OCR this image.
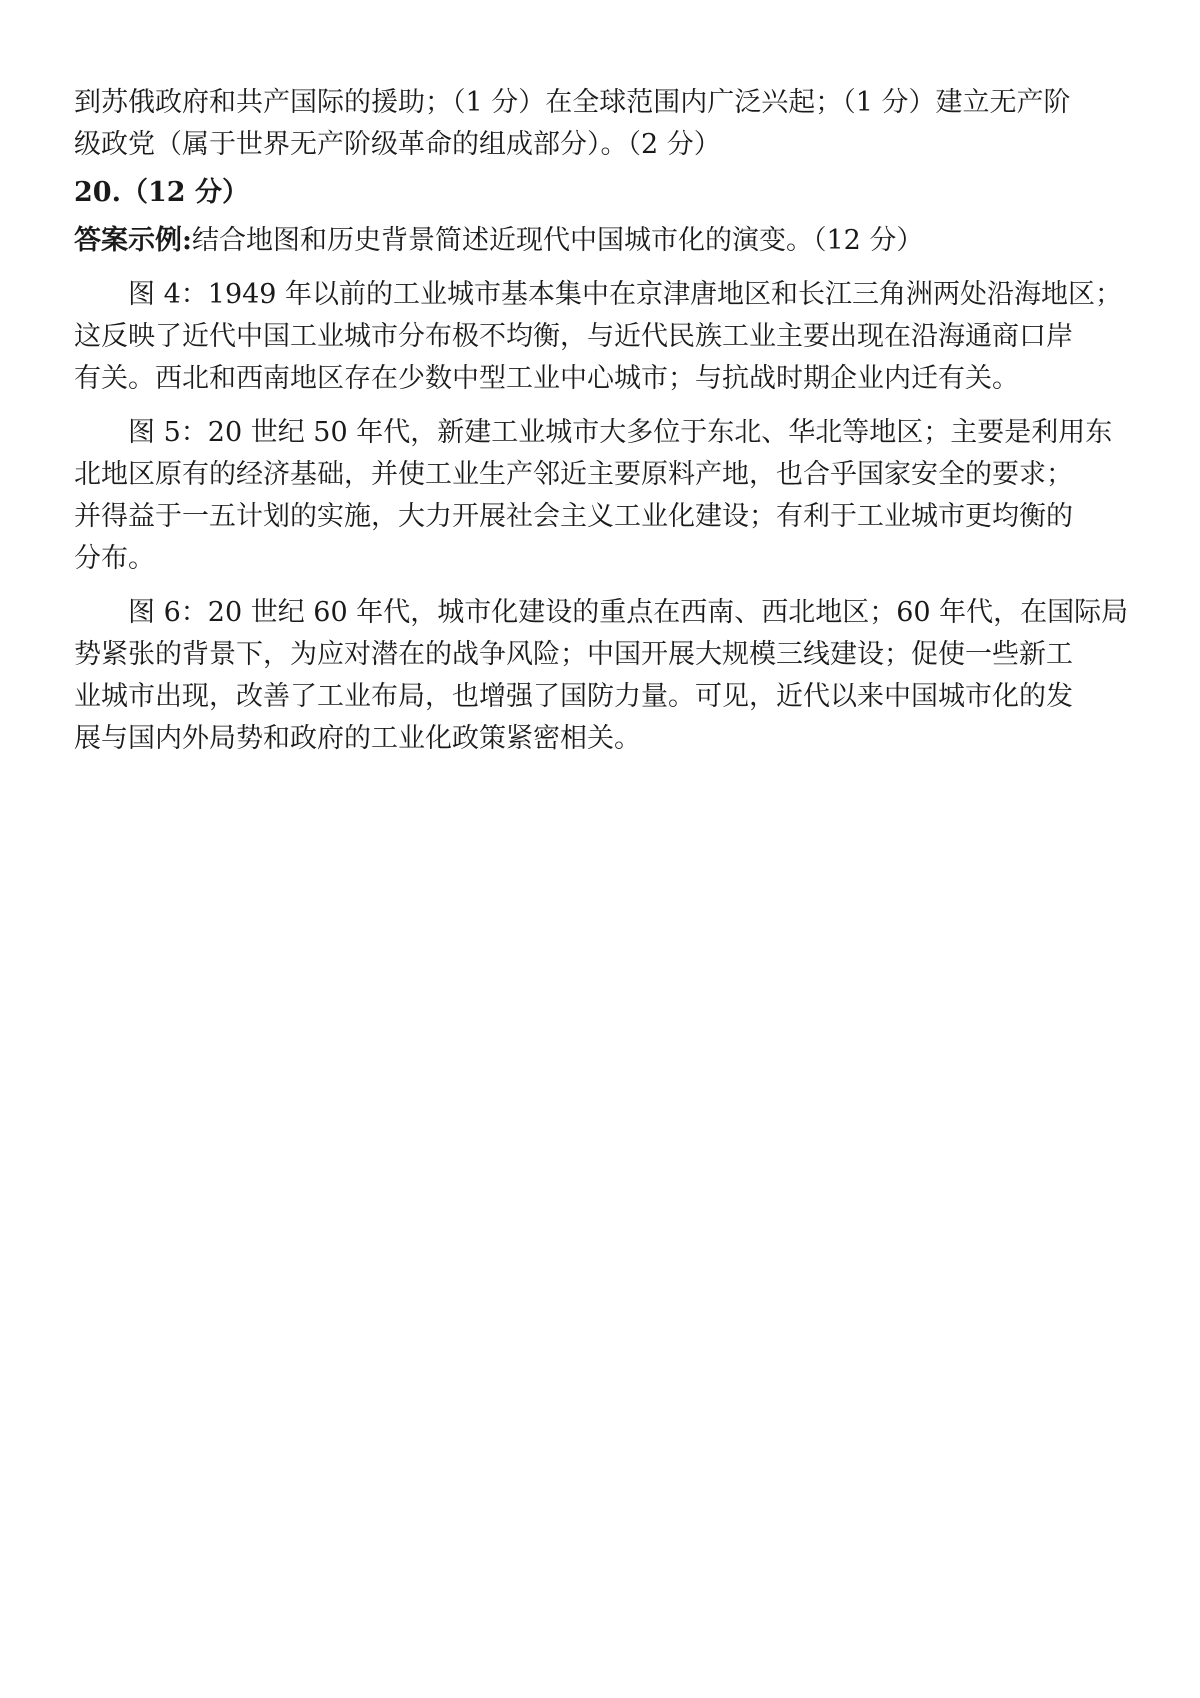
到苏俄政府和共产国际的援助；（1 分）在全球范围内广泛兴起；（1 分）建立无产阶

级政党（属于世界无产阶级革命的组成部分）。（2 分）

20.（12 分）

答案示例:结合地图和历史背景简述近现代中国城市化的演变。（12 分）

图 4：1949 年以前的工业城市基本集中在京津唐地区和长江三角洲两处沿海地区；

这反映了近代中国工业城市分布极不均衡，与近代民族工业主要出现在沿海通商口岸

有关。西北和西南地区存在少数中型工业中心城市；与抗战时期企业内迁有关。

图 5：20 世纪 50 年代，新建工业城市大多位于东北、华北等地区；主要是利用东

北地区原有的经济基础，并使工业生产邻近主要原料产地，也合乎国家安全的要求；

并得益于一五计划的实施，大力开展社会主义工业化建设；有利于工业城市更均衡的

分布。

图 6：20 世纪 60 年代，城市化建设的重点在西南、西北地区；60 年代，在国际局

势紧张的背景下，为应对潜在的战争风险；中国开展大规模三线建设；促使一些新工

业城市出现，改善了工业布局，也增强了国防力量。可见，近代以来中国城市化的发

展与国内外局势和政府的工业化政策紧密相关。
